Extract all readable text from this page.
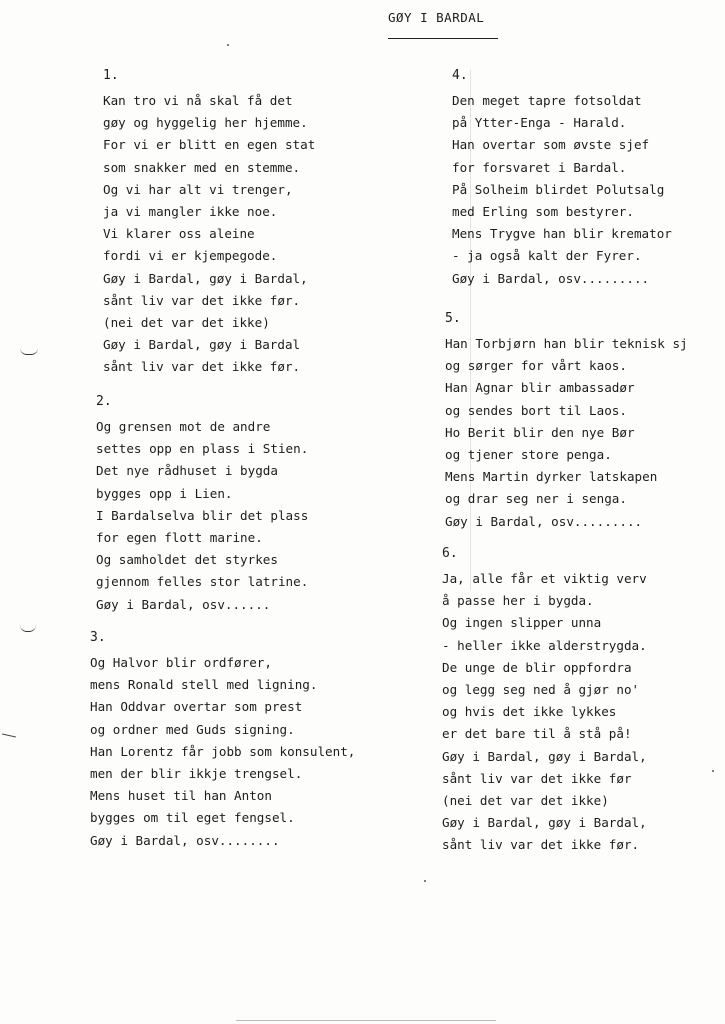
GØY I BARDAL
1.
Kan tro vi nå skal få det
gøy og hyggelig her hjemme.
For vi er blitt en egen stat
som snakker med en stemme.
Og vi har alt vi trenger,
ja vi mangler ikke noe.
Vi klarer oss aleine
fordi vi er kjempegode.
Gøy i Bardal, gøy i Bardal,
sånt liv var det ikke før.
(nei det var det ikke)
Gøy i Bardal, gøy i Bardal
sånt liv var det ikke før.
2.
Og grensen mot de andre
settes opp en plass i Stien.
Det nye rådhuset i bygda
bygges opp i Lien.
I Bardalselva blir det plass
for egen flott marine.
Og samholdet det styrkes
gjennom felles stor latrine.
Gøy i Bardal, osv......
3.
Og Halvor blir ordfører,
mens Ronald stell med ligning.
Han Oddvar overtar som prest
og ordner med Guds signing.
Han Lorentz får jobb som konsulent,
men der blir ikkje trengsel.
Mens huset til han Anton
bygges om til eget fengsel.
Gøy i Bardal, osv........
4.
Den meget tapre fotsoldat
på Ytter-Enga - Harald.
Han overtar som øvste sjef
for forsvaret i Bardal.
På Solheim blirdet Polutsalg
med Erling som bestyrer.
Mens Trygve han blir kremator
- ja også kalt der Fyrer.
Gøy i Bardal, osv.........
5.
Han Torbjørn han blir teknisk sj
og sørger for vårt kaos.
Han Agnar blir ambassadør
og sendes bort til Laos.
Ho Berit blir den nye Bør
og tjener store penga.
Mens Martin dyrker latskapen
og drar seg ner i senga.
Gøy i Bardal, osv.........
6.
Ja, alle får et viktig verv
å passe her i bygda.
Og ingen slipper unna
- heller ikke alderstrygda.
De unge de blir oppfordra
og legg seg ned å gjør no'
og hvis det ikke lykkes
er det bare til å stå på!
Gøy i Bardal, gøy i Bardal,
sånt liv var det ikke før
(nei det var det ikke)
Gøy i Bardal, gøy i Bardal,
sånt liv var det ikke før.
